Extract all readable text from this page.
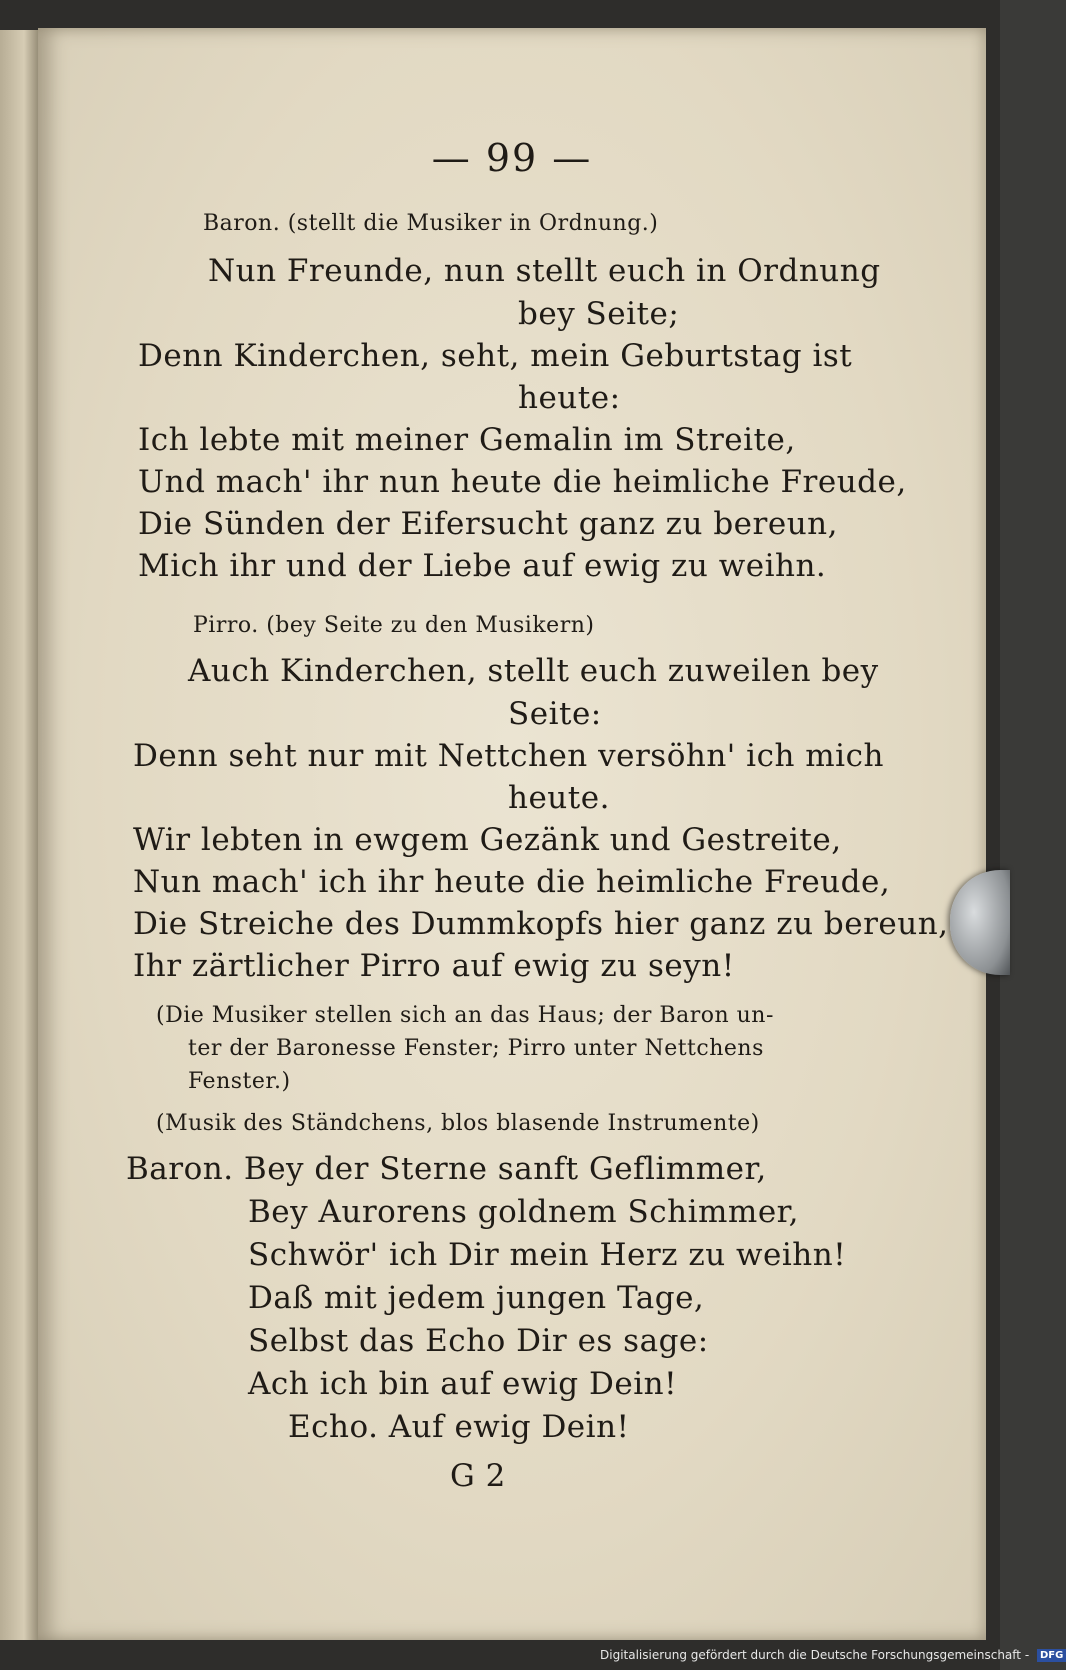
— 99 —
Baron. (stellt die Musiker in Ordnung.)
Nun Freunde, nun stellt euch in Ordnung
bey Seite;
Denn Kinderchen, seht, mein Geburtstag ist
heute:
Ich lebte mit meiner Gemalin im Streite,
Und mach' ihr nun heute die heimliche Freude,
Die Sünden der Eifersucht ganz zu bereun,
Mich ihr und der Liebe auf ewig zu weihn.
Pirro. (bey Seite zu den Musikern)
Auch Kinderchen, stellt euch zuweilen bey
Seite:
Denn seht nur mit Nettchen versöhn' ich mich
heute.
Wir lebten in ewgem Gezänk und Gestreite,
Nun mach' ich ihr heute die heimliche Freude,
Die Streiche des Dummkopfs hier ganz zu bereun,
Ihr zärtlicher Pirro auf ewig zu seyn!
(Die Musiker stellen sich an das Haus; der Baron un-
ter der Baronesse Fenster; Pirro unter Nettchens
Fenster.)
(Musik des Ständchens, blos blasende Instrumente)
Baron. Bey der Sterne sanft Geflimmer,
Bey Aurorens goldnem Schimmer,
Schwör' ich Dir mein Herz zu weihn!
Daß mit jedem jungen Tage,
Selbst das Echo Dir es sage:
Ach ich bin auf ewig Dein!
Echo. Auf ewig Dein!
G 2
Digitalisierung gefördert durch die Deutsche Forschungsgemeinschaft - DFG
